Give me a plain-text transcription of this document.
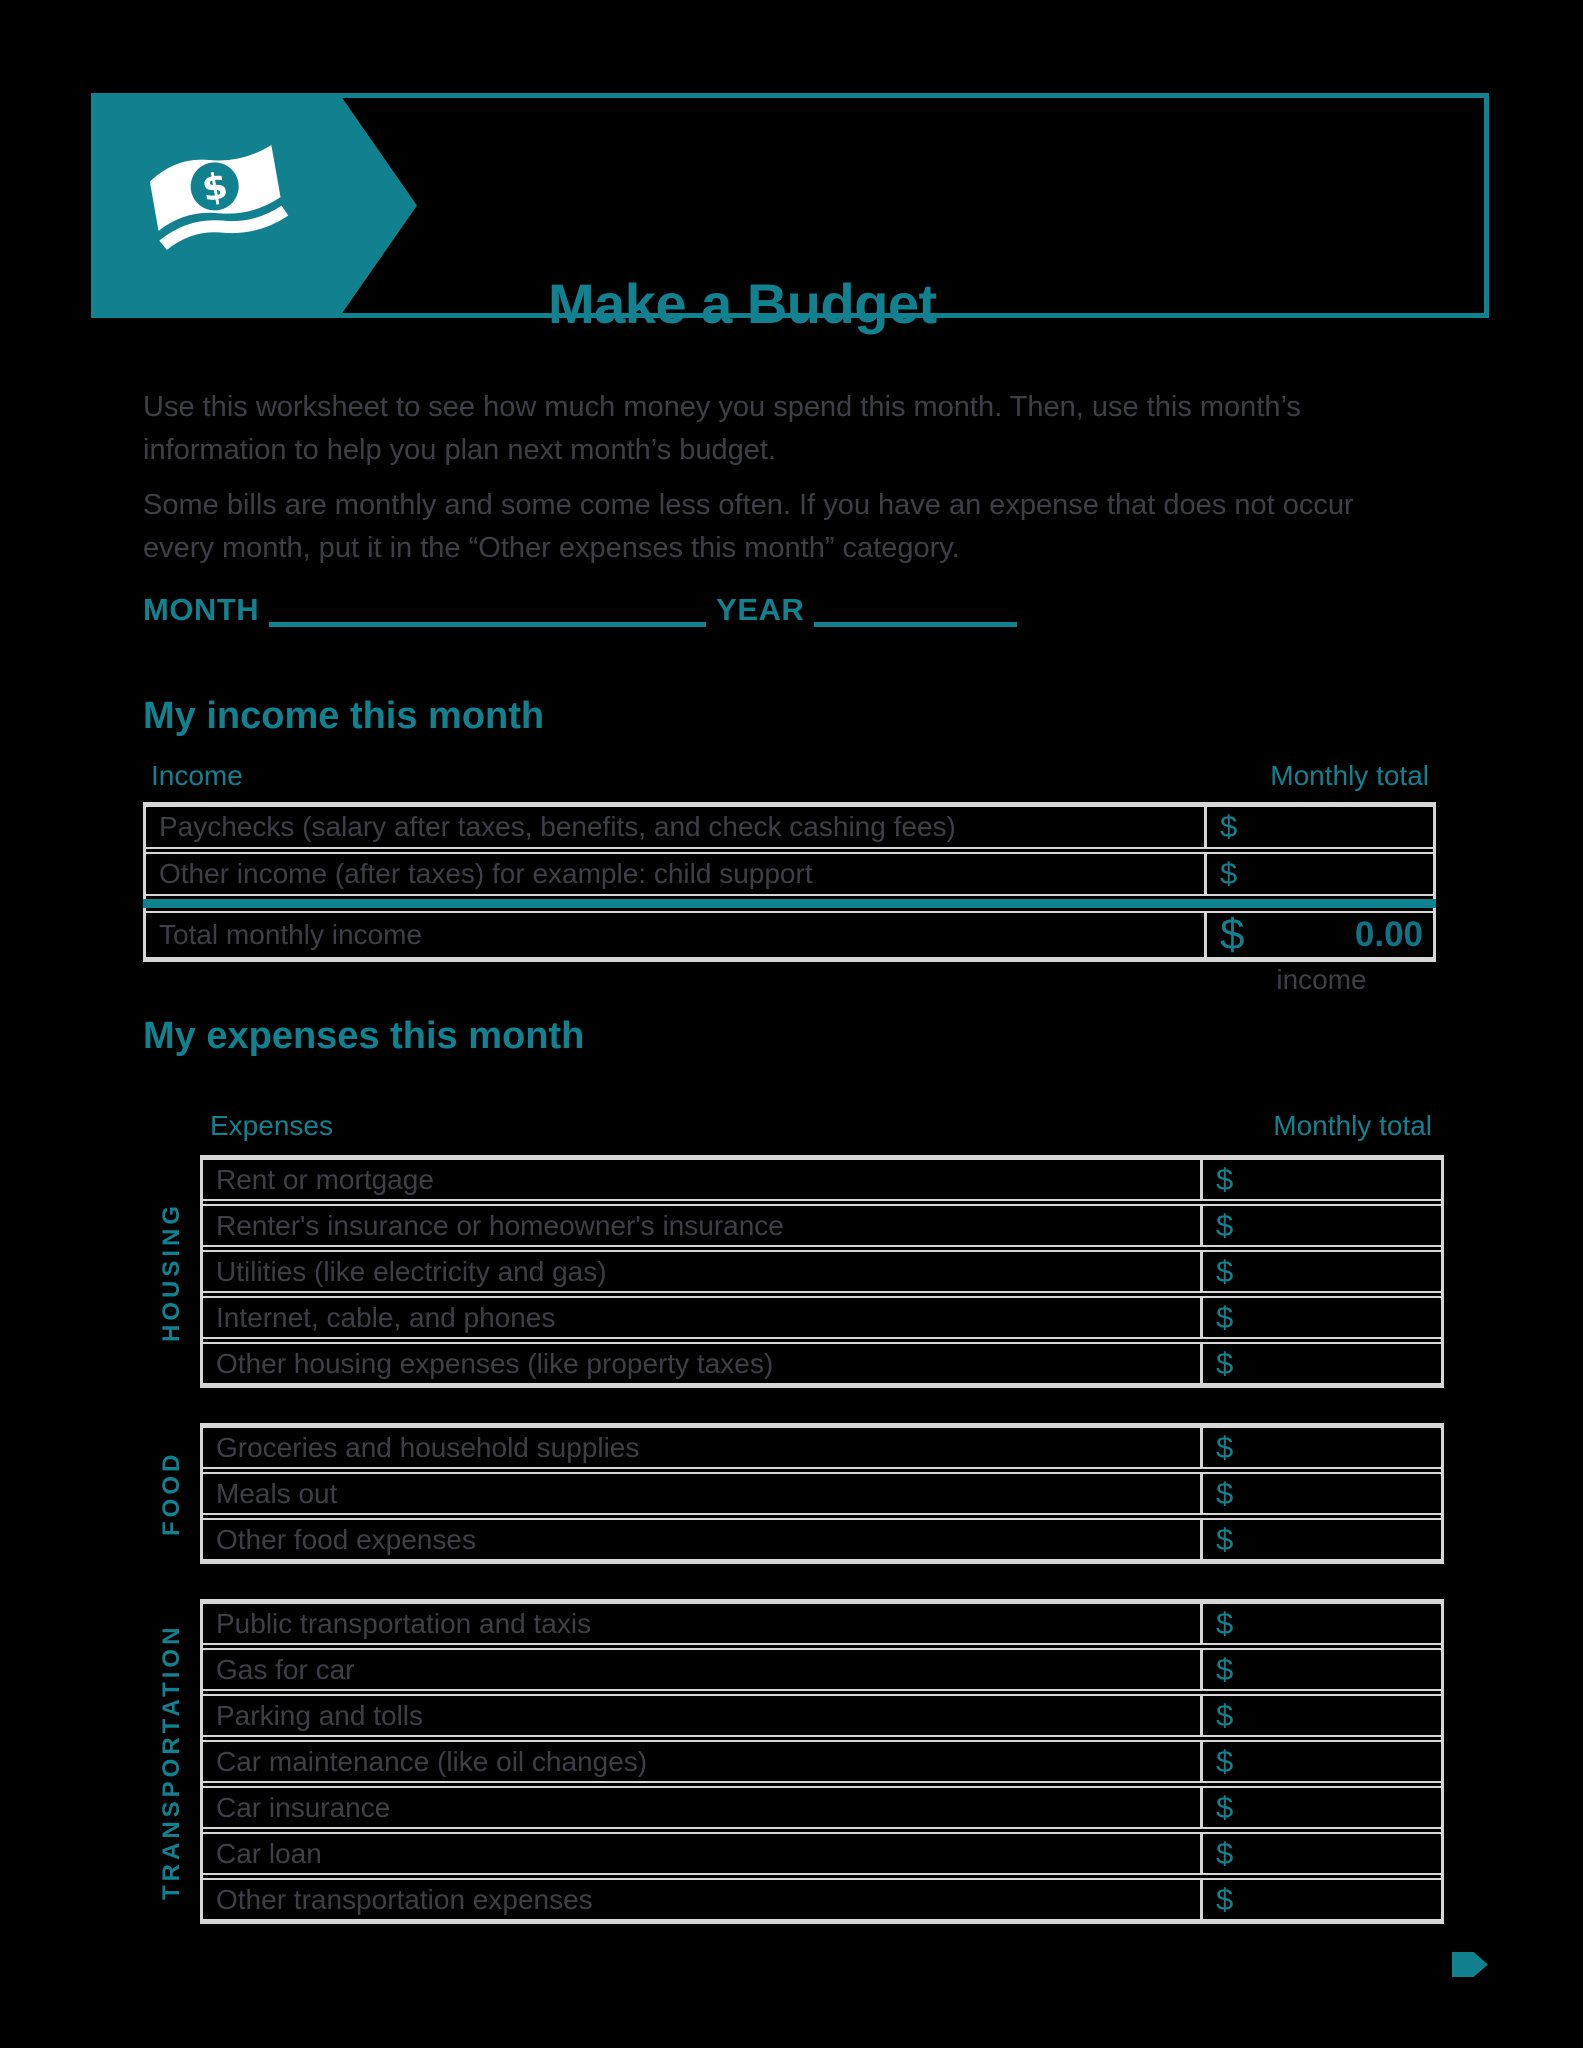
$
Make a Budget

Use this worksheet to see how much money you spend this month. Then, use this month’s information to help you plan next month’s budget.

Some bills are monthly and some come less often. If you have an expense that does not occur every month, put it in the “Other expenses this month” category.

MONTH	YEAR
My income this month
Income	Monthly total
Paychecks (salary after taxes, benefits, and check cashing fees)	$
Other income (after taxes) for example: child support	$
Total monthly income	$	0.00
income
My expenses this month
Expenses	Monthly total
HOUSING
FOOD
TRANSPORTATION
Rent or mortgage	$
Renter's insurance or homeowner's insurance	$
Utilities (like electricity and gas)	$
Internet, cable, and phones	$
Other housing expenses (like property taxes)	$
Groceries and household supplies	$
Meals out	$
Other food expenses	$
Public transportation and taxis	$
Gas for car	$
Parking and tolls	$
Car maintenance (like oil changes)	$
Car insurance	$
Car loan	$
Other transportation expenses	$
